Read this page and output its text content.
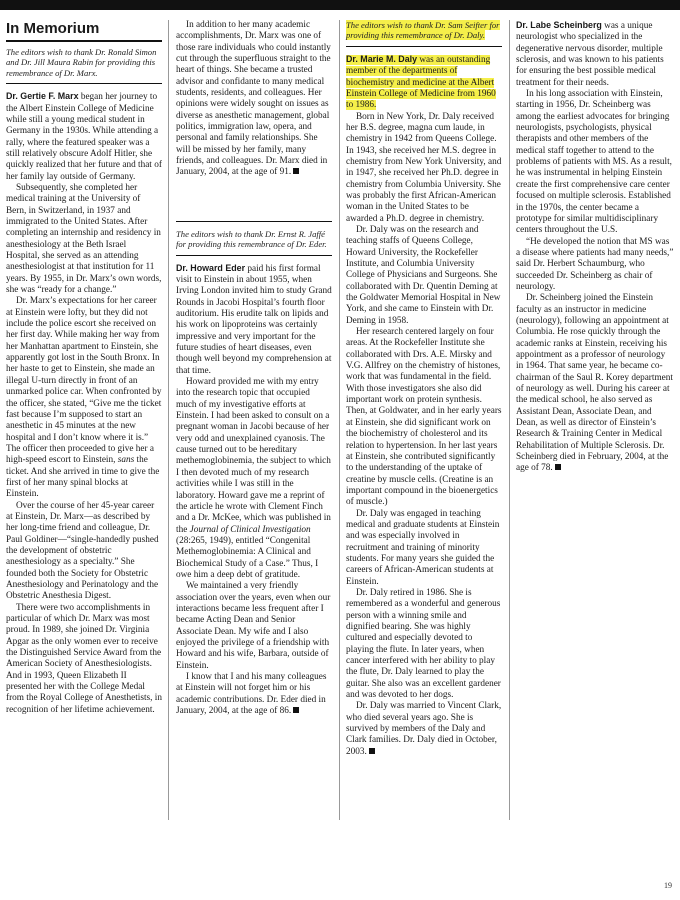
In Memorium
The editors wish to thank Dr. Ronald Simon and Dr. Jill Maura Rabin for providing this remembrance of Dr. Marx.

Dr. Gertie F. Marx began her journey to the Albert Einstein College of Medicine while still a young medical student in Germany in the 1930s. While attending a rally, where the featured speaker was a still relatively obscure Adolf Hitler, she quickly realized that her future and that of her family lay outside of Germany.

Subsequently, she completed her medical training at the University of Bern, in Switzerland, in 1937 and immigrated to the United States. After completing an internship and residency in anesthesiology at the Beth Israel Hospital, she served as an attending anesthesiologist at that institution for 11 years. By 1955, in Dr. Marx’s own words, she was “ready for a change.”

Dr. Marx’s expectations for her career at Einstein were lofty, but they did not include the police escort she received on her first day. While making her way from her Manhattan apartment to Einstein, she apparently got lost in the South Bronx. In her haste to get to Einstein, she made an illegal U-turn directly in front of an unmarked police car. When confronted by the officer, she stated, “Give me the ticket fast because I’m supposed to start an anesthetic in 45 minutes at the new hospital and I don’t know where it is.” The officer then proceeded to give her a high-speed escort to Einstein, sans the ticket. And she arrived in time to give the first of her many spinal blocks at Einstein.

Over the course of her 45-year career at Einstein, Dr. Marx—as described by her long-time friend and colleague, Dr. Paul Goldiner—“single-handedly pushed the development of obstetric anesthesiology as a specialty.” She founded both the Society for Obstetric Anesthesiology and Perinatology and the Obstetric Anesthesia Digest.

There were two accomplishments in particular of which Dr. Marx was most proud. In 1989, she joined Dr. Virginia Apgar as the only women ever to receive the Distinguished Service Award from the American Society of Anesthesiologists. And in 1993, Queen Elizabeth II presented her with the College Medal from the Royal College of Anesthetists, in recognition of her lifetime achievement.

In addition to her many academic accomplishments, Dr. Marx was one of those rare individuals who could instantly cut through the superfluous straight to the heart of things. She became a trusted advisor and confidante to many medical students, residents, and colleagues. Her opinions were widely sought on issues as diverse as anesthetic management, global politics, immigration law, opera, and personal and family relationships. She will be missed by her family, many friends, and colleagues. Dr. Marx died in January, 2004, at the age of 91.

The editors wish to thank Dr. Ernst R. Jaffé for providing this remembrance of Dr. Eder.

Dr. Howard Eder paid his first formal visit to Einstein in about 1955, when Irving London invited him to study Grand Rounds in Jacobi Hospital’s fourth floor auditorium. His erudite talk on lipids and his work on lipoproteins was certainly impressive and very important for the future studies of heart diseases, even though well beyond my comprehension at that time.

Howard provided me with my entry into the research topic that occupied much of my investigative efforts at Einstein. I had been asked to consult on a pregnant woman in Jacobi because of her very odd and unexplained cyanosis. The cause turned out to be hereditary methemoglobinemia, the subject to which I then devoted much of my research activities while I was still in the laboratory. Howard gave me a reprint of the article he wrote with Clement Finch and a Dr. McKee, which was published in the Journal of Clinical Investigation (28:265, 1949), entitled “Congenital Methemoglobinemia: A Clinical and Biochemical Study of a Case.” Thus, I owe him a deep debt of gratitude.

We maintained a very friendly association over the years, even when our interactions became less frequent after I became Acting Dean and Senior Associate Dean. My wife and I also enjoyed the privilege of a friendship with Howard and his wife, Barbara, outside of Einstein.

I know that I and his many colleagues at Einstein will not forget him or his academic contributions. Dr. Eder died in January, 2004, at the age of 86.

The editors wish to thank Dr. Sam Seifter for providing this remembrance of Dr. Daly.

Dr. Marie M. Daly was an outstanding member of the departments of biochemistry and medicine at the Albert Einstein College of Medicine from 1960 to 1986.

Born in New York, Dr. Daly received her B.S. degree, magna cum laude, in chemistry in 1942 from Queens College. In 1943, she received her M.S. degree in chemistry from New York University, and in 1947, she received her Ph.D. degree in chemistry from Columbia University. She was probably the first African-American woman in the United States to be awarded a Ph.D. degree in chemistry.

Dr. Daly was on the research and teaching staffs of Queens College, Howard University, the Rockefeller Institute, and Columbia University College of Physicians and Surgeons. She collaborated with Dr. Quentin Deming at the Goldwater Memorial Hospital in New York, and she came to Einstein with Dr. Deming in 1958.

Her research centered largely on four areas. At the Rockefeller Institute she collaborated with Drs. A.E. Mirsky and V.G. Allfrey on the chemistry of histones, work that was fundamental in the field. With those investigators she also did important work on protein synthesis. Then, at Goldwater, and in her early years at Einstein, she did significant work on the biochemistry of cholesterol and its relation to hypertension. In her last years at Einstein, she contributed significantly to the understanding of the uptake of creatine by muscle cells. (Creatine is an important compound in the bioenergetics of muscle.)

Dr. Daly was engaged in teaching medical and graduate students at Einstein and was especially involved in recruitment and training of minority students. For many years she guided the careers of African-American students at Einstein.

Dr. Daly retired in 1986. She is remembered as a wonderful and generous person with a winning smile and dignified bearing. She was highly cultured and especially devoted to playing the flute. In later years, when cancer interfered with her ability to play the flute, Dr. Daly learned to play the guitar. She also was an excellent gardener and was devoted to her dogs.

Dr. Daly was married to Vincent Clark, who died several years ago. She is survived by members of the Daly and Clark families. Dr. Daly died in October, 2003.

Dr. Labe Scheinberg was a unique neurologist who specialized in the degenerative nervous disorder, multiple sclerosis, and was known to his patients for ensuring the best possible medical treatment for their needs.

In his long association with Einstein, starting in 1956, Dr. Scheinberg was among the earliest advocates for bringing neurologists, psychologists, physical therapists and other members of the medical staff together to attend to the problems of patients with MS. As a result, he was instrumental in helping Einstein create the first comprehensive care center focused on multiple sclerosis. Established in the 1970s, the center became a prototype for similar multidisciplinary centers throughout the U.S.

“He developed the notion that MS was a disease where patients had many needs,” said Dr. Herbert Schaumburg, who succeeded Dr. Scheinberg as chair of neurology.

Dr. Scheinberg joined the Einstein faculty as an instructor in medicine (neurology), following an appointment at Columbia. He rose quickly through the academic ranks at Einstein, receiving his appointment as a professor of neurology in 1964. That same year, he became co-chairman of the Saul R. Korey department of neurology as well. During his career at the medical school, he also served as Assistant Dean, Associate Dean, and Dean, as well as director of Einstein’s Research & Training Center in Medical Rehabilitation of Multiple Sclerosis. Dr. Scheinberg died in February, 2004, at the age of 78.

19
